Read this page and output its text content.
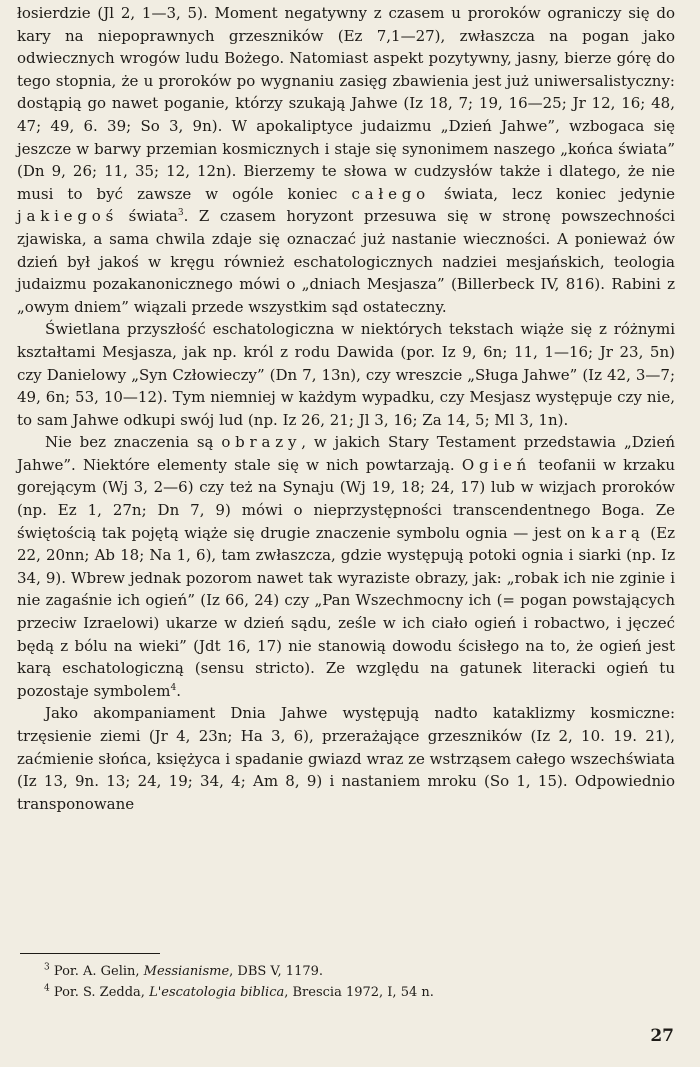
łosierdzie (Jl 2, 1—3, 5). Moment negatywny z czasem u proroków ograniczy się do kary na niepoprawnych grzeszników (Ez 7,1—27), zwłaszcza na pogan jako odwiecznych wrogów ludu Bożego. Natomiast aspekt pozytywny, jasny, bierze górę do tego stopnia, że u proroków po wygnaniu zasięg zbawienia jest już uniwersalistyczny: dostąpią go nawet poganie, którzy szukają Jahwe (Iz 18, 7; 19, 16—25; Jr 12, 16; 48, 47; 49, 6. 39; So 3, 9n). W apokaliptyce judaizmu „Dzień Jahwe”, wzbogaca się jeszcze w barwy przemian kosmicznych i staje się synonimem naszego „końca świata” (Dn 9, 26; 11, 35; 12, 12n). Bierzemy te słowa w cudzysłów także i dlatego, że nie musi to być zawsze w ogóle koniec całego świata, lecz koniec jedynie jakiegoś świata$^3$. Z czasem horyzont przesuwa się w stronę powszechności zjawiska, a sama chwila zdaje się oznaczać już nastanie wieczności. A ponieważ ów dzień był jakoś w kręgu również eschatologicznych nadziei mesjańskich, teologia judaizmu pozakanonicznego mówi o „dniach Mesjasza” (Billerbeck IV, 816). Rabini z „owym dniem” wiązali przede wszystkim sąd ostateczny.

Świetlana przyszłość eschatologiczna w niektórych tekstach wiąże się z różnymi kształtami Mesjasza, jak np. król z rodu Dawida (por. Iz 9, 6n; 11, 1—16; Jr 23, 5n) czy Danielowy „Syn Człowieczy” (Dn 7, 13n), czy wreszcie „Sługa Jahwe” (Iz 42, 3—7; 49, 6n; 53, 10—12). Tym niemniej w każdym wypadku, czy Mesjasz występuje czy nie, to sam Jahwe odkupi swój lud (np. Iz 26, 21; Jl 3, 16; Za 14, 5; Ml 3, 1n).

Nie bez znaczenia są obrazy, w jakich Stary Testament przedstawia „Dzień Jahwe”. Niektóre elementy stale się w nich powtarzają. Ogień teofanii w krzaku gorejącym (Wj 3, 2—6) czy też na Synaju (Wj 19, 18; 24, 17) lub w wizjach proroków (np. Ez 1, 27n; Dn 7, 9) mówi o nieprzystępności transcendentnego Boga. Ze świętością tak pojętą wiąże się drugie znaczenie symbolu ognia — jest on karą (Ez 22, 20nn; Ab 18; Na 1, 6), tam zwłaszcza, gdzie występują potoki ognia i siarki (np. Iz 34, 9). Wbrew jednak pozorom nawet tak wyraziste obrazy, jak: „robak ich nie zginie i nie zagaśnie ich ogień” (Iz 66, 24) czy „Pan Wszechmocny ich (= pogan powstających przeciw Izraelowi) ukarze w dzień sądu, ześle w ich ciało ogień i robactwo, i jęczeć będą z bólu na wieki” (Jdt 16, 17) nie stanowią dowodu ścisłego na to, że ogień jest karą eschatologiczną (sensu stricto). Ze względu na gatunek literacki ogień tu pozostaje symbolem$^4$.

Jako akompaniament Dnia Jahwe występują nadto kataklizmy kosmiczne: trzęsienie ziemi (Jr 4, 23n; Ha 3, 6), przerażające grzeszników (Iz 2, 10. 19. 21), zaćmienie słońca, księżyca i spadanie gwiazd wraz ze wstrząsem całego wszechświata (Iz 13, 9n. 13; 24, 19; 34, 4; Am 8, 9) i nastaniem mroku (So 1, 15). Odpowiednio transponowane

$^3$ Por. A. Gelin, Messianisme, DBS V, 1179.
$^4$ Por. S. Zedda, L'escatologia biblica, Brescia 1972, I, 54 n.
27
